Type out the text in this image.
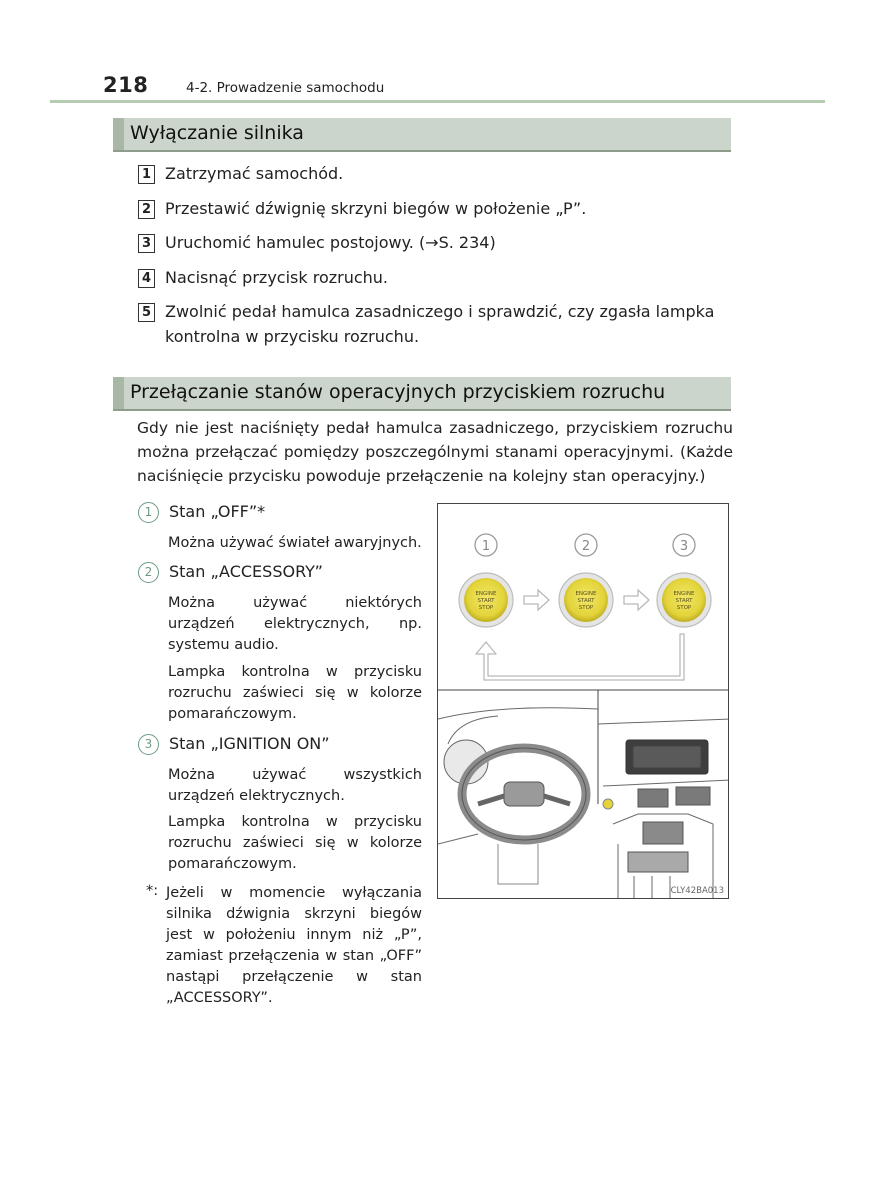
218	4-2. Prowadzenie samochodu
Wyłączanie silnika
1 Zatrzymać samochód.
2 Przestawić dźwignię skrzyni biegów w położenie „P”.
3 Uruchomić hamulec postojowy. (→S. 234)
4 Nacisnąć przycisk rozruchu.
5 Zwolnić pedał hamulca zasadniczego i sprawdzić, czy zgasła lampka kontrolna w przycisku rozruchu.
Przełączanie stanów operacyjnych przyciskiem rozruchu
Gdy nie jest naciśnięty pedał hamulca zasadniczego, przyciskiem rozruchu można przełączać pomiędzy poszczególnymi stanami operacyjnymi. (Każde naciśnięcie przycisku powoduje przełączenie na kolejny stan operacyjny.)
1	Stan „OFF”*
Można używać świateł awaryjnych.
2	Stan „ACCESSORY”
Można używać niektórych urządzeń elektrycznych, np. systemu audio.
Lampka kontrolna w przycisku rozruchu zaświeci się w kolorze pomarańczowym.
3	Stan „IGNITION ON”
Można używać wszystkich urządzeń elektrycznych.
Lampka kontrolna w przycisku rozruchu zaświeci się w kolorze pomarańczowym.
*: Jeżeli w momencie wyłączania silnika dźwignia skrzyni biegów jest w położeniu innym niż „P”, zamiast przełączenia w stan „OFF” nastąpi przełączenie w stan „ACCESSORY”.
1	2	3
ENGINE
START
STOP
ENGINE
START
STOP
ENGINE
START
STOP
CLY42BA013
